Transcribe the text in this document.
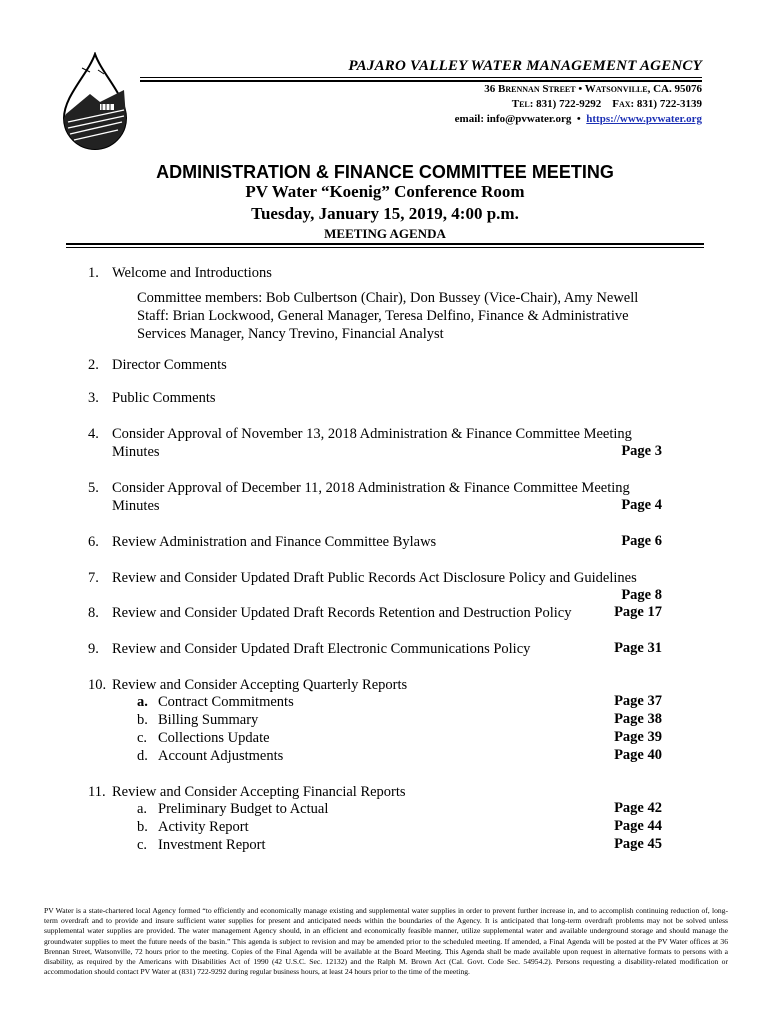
PAJARO VALLEY WATER MANAGEMENT AGENCY
36 Brennan Street • Watsonville, CA. 95076
Tel: 831) 722-9292 Fax: 831) 722-3139
email: info@pvwater.org  •  https://www.pvwater.org
ADMINISTRATION & FINANCE COMMITTEE MEETING
PV Water “Koenig” Conference Room
Tuesday, January 15, 2019, 4:00 p.m.
MEETING AGENDA
1. Welcome and Introductions
Committee members: Bob Culbertson (Chair), Don Bussey (Vice-Chair), Amy Newell
Staff: Brian Lockwood, General Manager, Teresa Delfino, Finance & Administrative
Services Manager, Nancy Trevino, Financial Analyst
2. Director Comments
3. Public Comments
4. Consider Approval of November 13, 2018 Administration & Finance Committee Meeting
Minutes	Page 3
5. Consider Approval of December 11, 2018 Administration & Finance Committee Meeting
Minutes	Page 4
6. Review Administration and Finance Committee Bylaws	Page 6
7. Review and Consider Updated Draft Public Records Act Disclosure Policy and Guidelines
Page 8
8. Review and Consider Updated Draft Records Retention and Destruction Policy	Page 17
9. Review and Consider Updated Draft Electronic Communications Policy	Page 31
10. Review and Consider Accepting Quarterly Reports
a. Contract Commitments	Page 37
b. Billing Summary	Page 38
c. Collections Update	Page 39
d. Account Adjustments	Page 40
11. Review and Consider Accepting Financial Reports
a. Preliminary Budget to Actual	Page 42
b. Activity Report	Page 44
c. Investment Report	Page 45
PV Water is a state-chartered local Agency formed “to efficiently and economically manage existing and supplemental water supplies in order to prevent further increase in, and to accomplish continuing reduction of, long-term overdraft and to provide and insure sufficient water supplies for present and anticipated needs within the boundaries of the Agency. It is anticipated that long-term overdraft problems may not be solved unless supplemental water supplies are provided. The water management Agency should, in an efficient and economically feasible manner, utilize supplemental water and available underground storage and should manage the groundwater supplies to meet the future needs of the basin.” This agenda is subject to revision and may be amended prior to the scheduled meeting. If amended, a Final Agenda will be posted at the PV Water offices at 36 Brennan Street, Watsonville, 72 hours prior to the meeting. Copies of the Final Agenda will be available at the Board Meeting. This Agenda shall be made available upon request in alternative formats to persons with a disability, as required by the Americans with Disabilities Act of 1990 (42 U.S.C. Sec. 12132) and the Ralph M. Brown Act (Cal. Govt. Code Sec. 54954.2). Persons requesting a disability-related modification or accommodation should contact PV Water at (831) 722-9292 during regular business hours, at least 24 hours prior to the time of the meeting.
